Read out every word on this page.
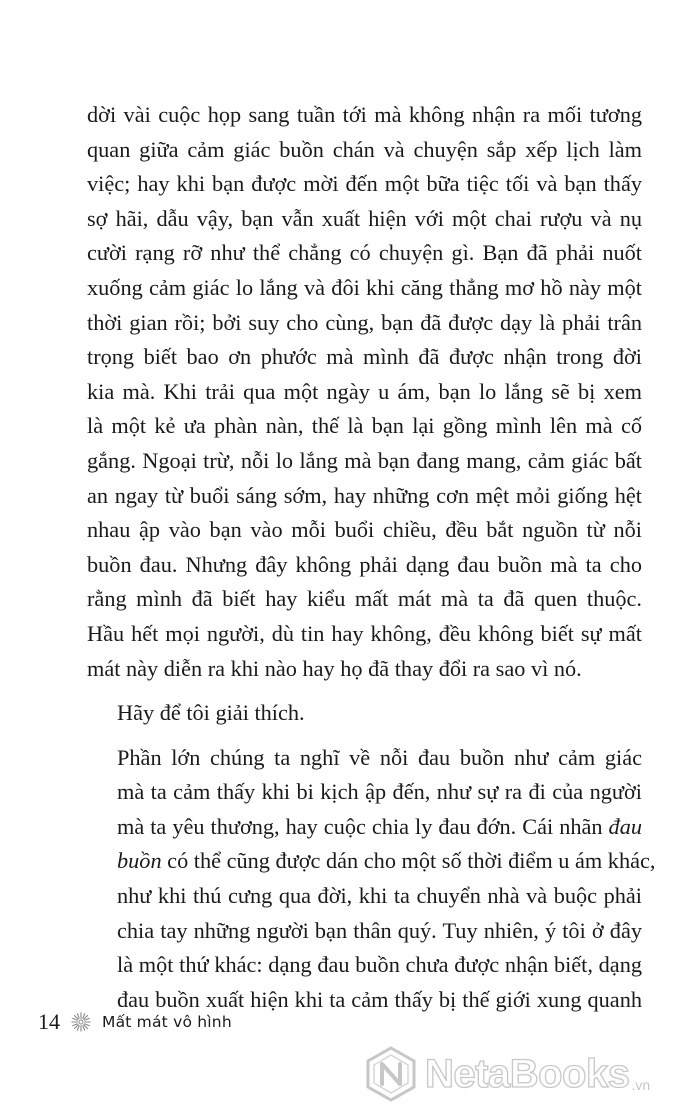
dời vài cuộc họp sang tuần tới mà không nhận ra mối tương
quan giữa cảm giác buồn chán và chuyện sắp xếp lịch làm
việc; hay khi bạn được mời đến một bữa tiệc tối và bạn thấy
sợ hãi, dẫu vậy, bạn vẫn xuất hiện với một chai rượu và nụ
cười rạng rỡ như thể chẳng có chuyện gì. Bạn đã phải nuốt
xuống cảm giác lo lắng và đôi khi căng thẳng mơ hồ này một
thời gian rồi; bởi suy cho cùng, bạn đã được dạy là phải trân
trọng biết bao ơn phước mà mình đã được nhận trong đời
kia mà. Khi trải qua một ngày u ám, bạn lo lắng sẽ bị xem
là một kẻ ưa phàn nàn, thế là bạn lại gồng mình lên mà cố
gắng. Ngoại trừ, nỗi lo lắng mà bạn đang mang, cảm giác bất
an ngay từ buổi sáng sớm, hay những cơn mệt mỏi giống hệt
nhau ập vào bạn vào mỗi buổi chiều, đều bắt nguồn từ nỗi
buồn đau. Nhưng đây không phải dạng đau buồn mà ta cho
rằng mình đã biết hay kiểu mất mát mà ta đã quen thuộc.
Hầu hết mọi người, dù tin hay không, đều không biết sự mất
mát này diễn ra khi nào hay họ đã thay đổi ra sao vì nó.

Hãy để tôi giải thích.

Phần lớn chúng ta nghĩ về nỗi đau buồn như cảm giác
mà ta cảm thấy khi bi kịch ập đến, như sự ra đi của người
mà ta yêu thương, hay cuộc chia ly đau đớn. Cái nhãn đau
buồn có thể cũng được dán cho một số thời điểm u ám khác,
như khi thú cưng qua đời, khi ta chuyển nhà và buộc phải
chia tay những người bạn thân quý. Tuy nhiên, ý tôi ở đây
là một thứ khác: dạng đau buồn chưa được nhận biết, dạng
đau buồn xuất hiện khi ta cảm thấy bị thế giới xung quanh

14	Mất mát vô hình
NetaBooks .vn
